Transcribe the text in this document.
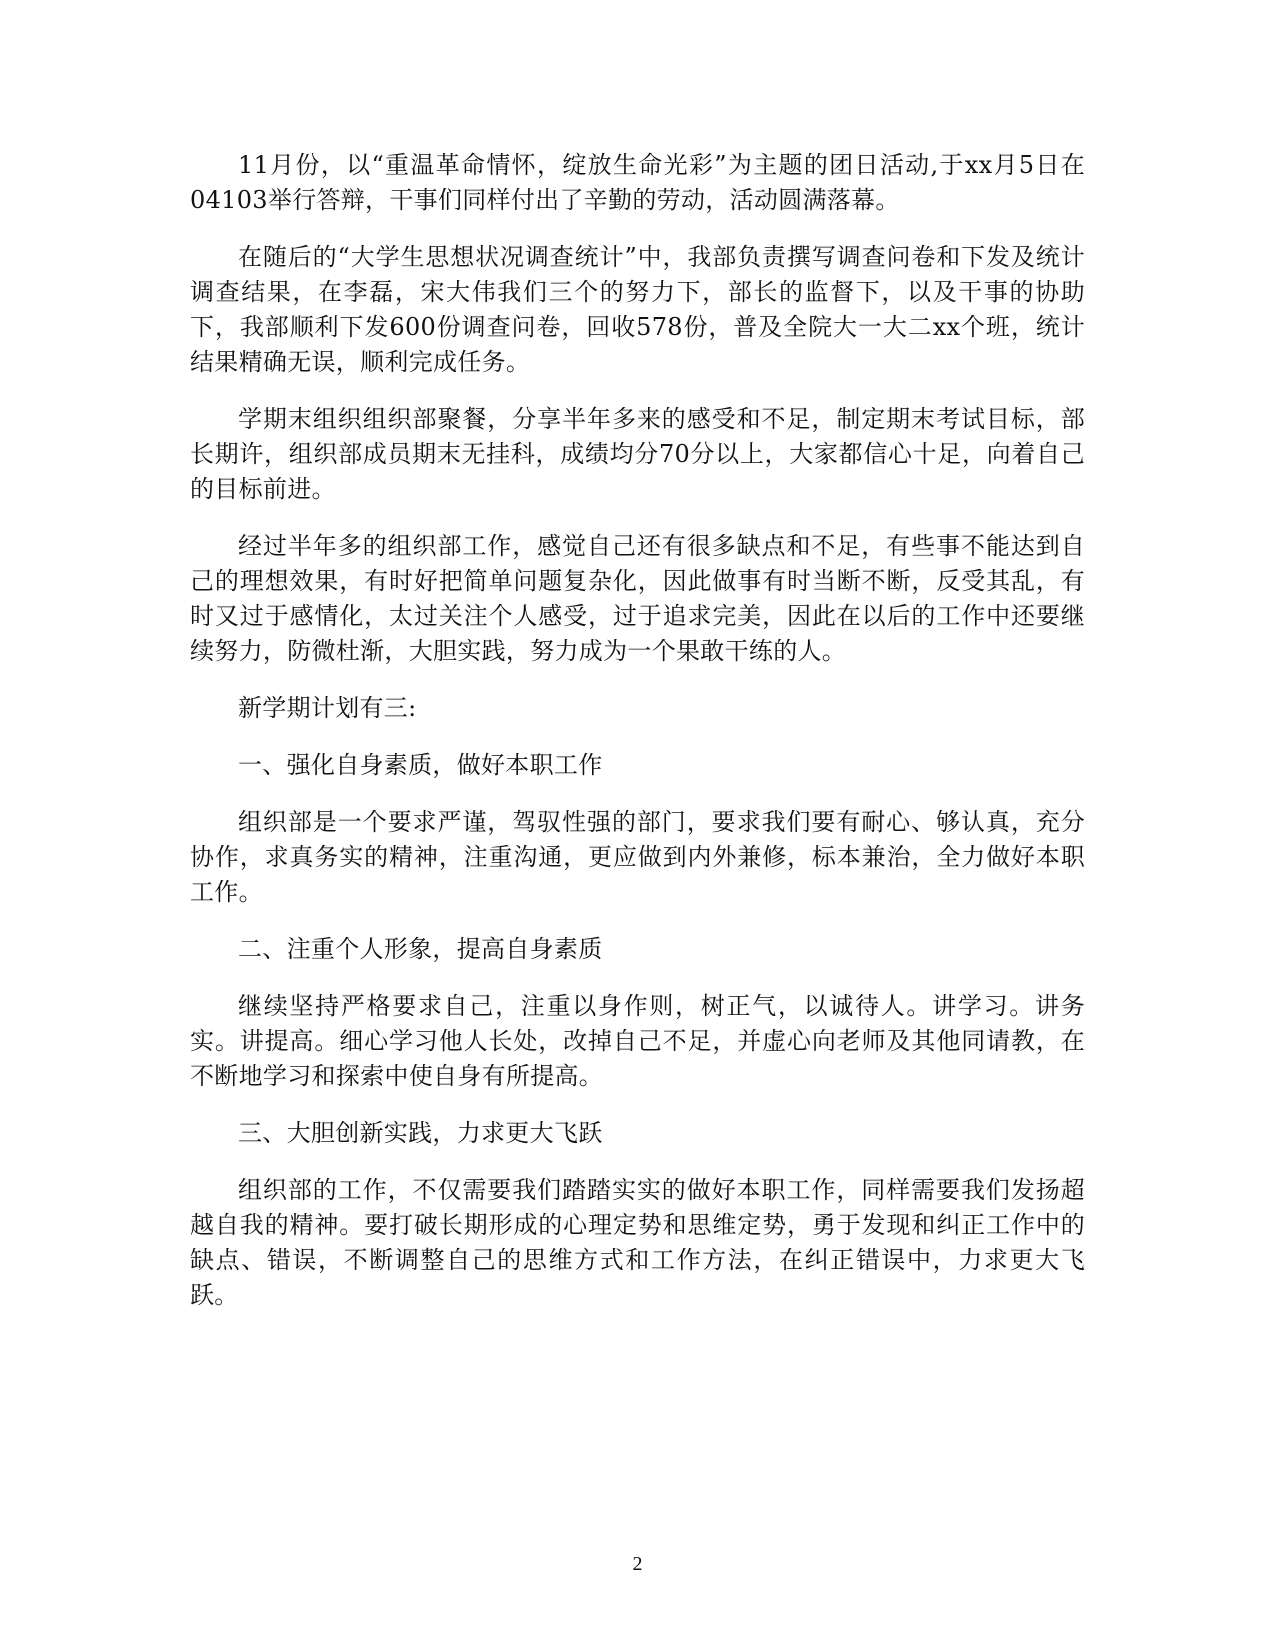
11月份，以“重温革命情怀，绽放生命光彩”为主题的团日活动,于xx月5日在04103举行答辩，干事们同样付出了辛勤的劳动，活动圆满落幕。

在随后的“大学生思想状况调查统计”中，我部负责撰写调查问卷和下发及统计调查结果，在李磊，宋大伟我们三个的努力下，部长的监督下，以及干事的协助下，我部顺利下发600份调查问卷，回收578份，普及全院大一大二xx个班，统计结果精确无误，顺利完成任务。

学期末组织组织部聚餐，分享半年多来的感受和不足，制定期末考试目标，部长期许，组织部成员期末无挂科，成绩均分70分以上，大家都信心十足，向着自己的目标前进。

经过半年多的组织部工作，感觉自己还有很多缺点和不足，有些事不能达到自己的理想效果，有时好把简单问题复杂化，因此做事有时当断不断，反受其乱，有时又过于感情化，太过关注个人感受，过于追求完美，因此在以后的工作中还要继续努力，防微杜渐，大胆实践，努力成为一个果敢干练的人。

新学期计划有三:

一、强化自身素质，做好本职工作

组织部是一个要求严谨，驾驭性强的部门，要求我们要有耐心、够认真，充分协作，求真务实的精神，注重沟通，更应做到内外兼修，标本兼治，全力做好本职工作。

二、注重个人形象，提高自身素质

继续坚持严格要求自己，注重以身作则，树正气，以诚待人。讲学习。讲务实。讲提高。细心学习他人长处，改掉自己不足，并虚心向老师及其他同请教，在不断地学习和探索中使自身有所提高。

三、大胆创新实践，力求更大飞跃

组织部的工作，不仅需要我们踏踏实实的做好本职工作，同样需要我们发扬超越自我的精神。要打破长期形成的心理定势和思维定势，勇于发现和纠正工作中的缺点、错误，不断调整自己的思维方式和工作方法，在纠正错误中，力求更大飞跃。

2
